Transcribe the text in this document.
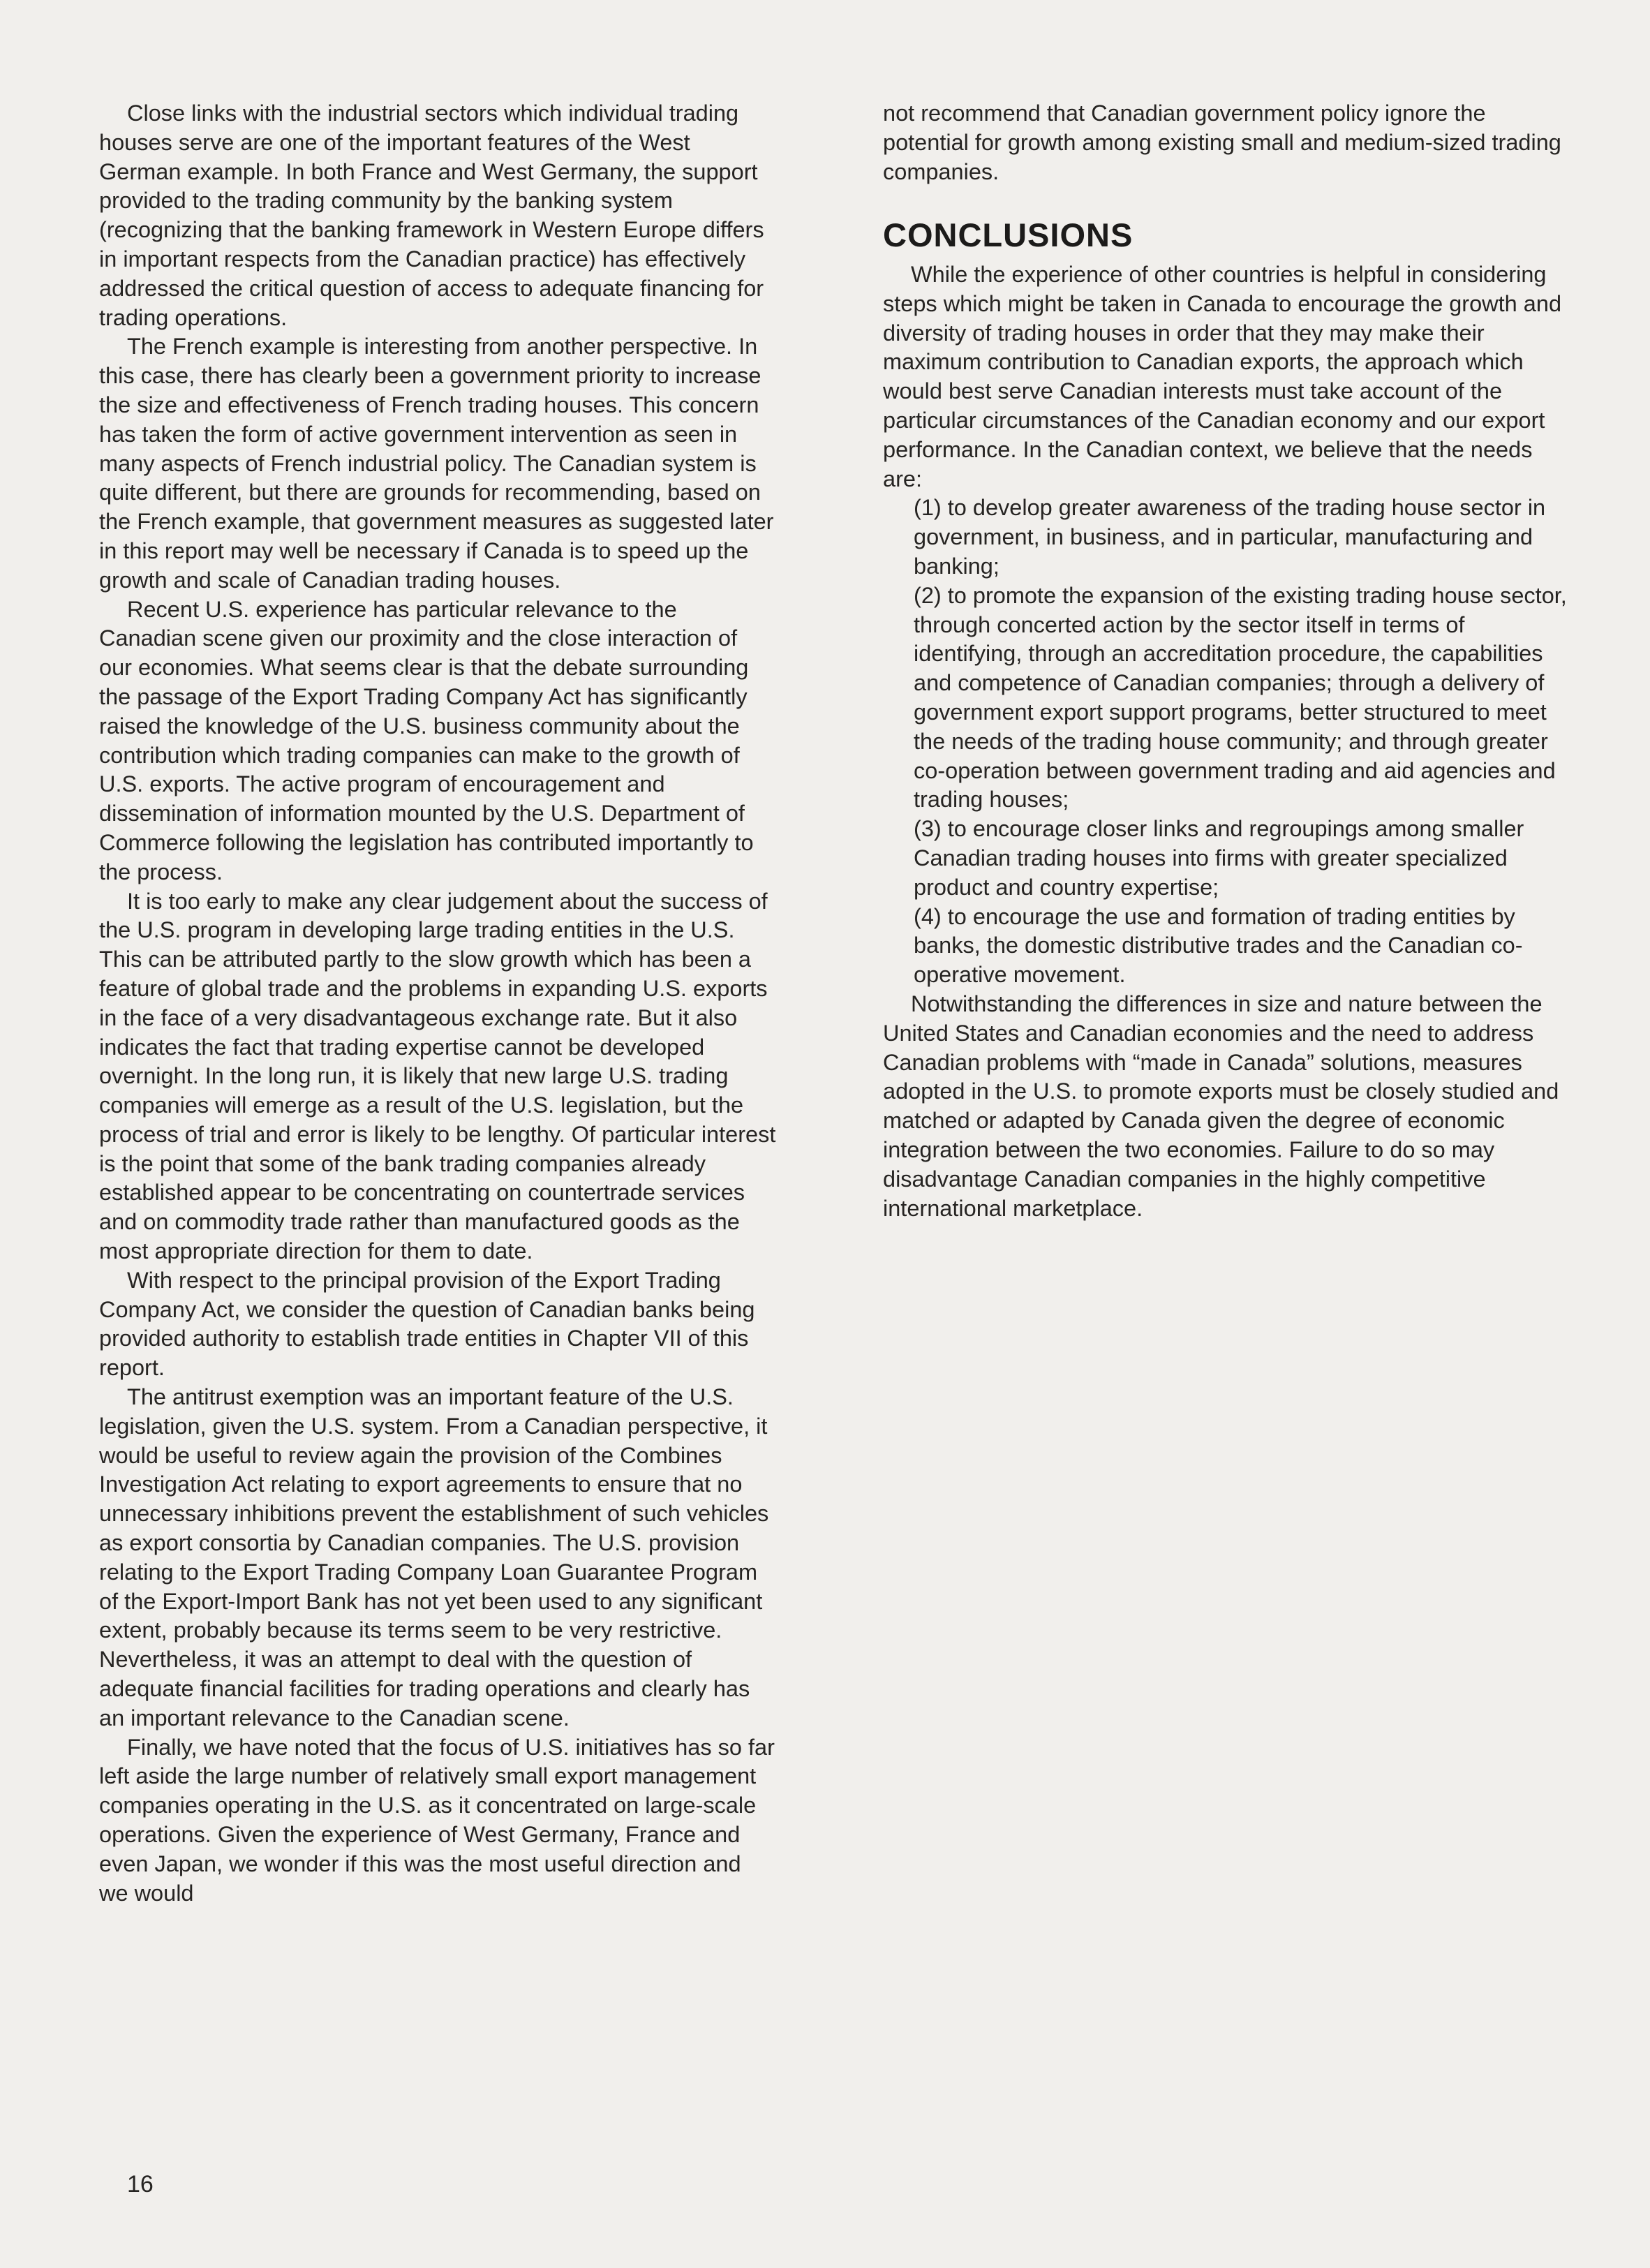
Close links with the industrial sectors which individual trading houses serve are one of the important features of the West German example. In both France and West Germany, the support provided to the trading community by the banking system (recognizing that the banking framework in Western Europe differs in important respects from the Canadian practice) has effectively addressed the critical question of access to adequate financing for trading operations.

The French example is interesting from another perspective. In this case, there has clearly been a government priority to increase the size and effectiveness of French trading houses. This concern has taken the form of active government intervention as seen in many aspects of French industrial policy. The Canadian system is quite different, but there are grounds for recommending, based on the French example, that government measures as suggested later in this report may well be necessary if Canada is to speed up the growth and scale of Canadian trading houses.

Recent U.S. experience has particular relevance to the Canadian scene given our proximity and the close interaction of our economies. What seems clear is that the debate surrounding the passage of the Export Trading Company Act has significantly raised the knowledge of the U.S. business community about the contribution which trading companies can make to the growth of U.S. exports. The active program of encouragement and dissemination of information mounted by the U.S. Department of Commerce following the legislation has contributed importantly to the process.

It is too early to make any clear judgement about the success of the U.S. program in developing large trading entities in the U.S. This can be attributed partly to the slow growth which has been a feature of global trade and the problems in expanding U.S. exports in the face of a very disadvantageous exchange rate. But it also indicates the fact that trading expertise cannot be developed overnight. In the long run, it is likely that new large U.S. trading companies will emerge as a result of the U.S. legislation, but the process of trial and error is likely to be lengthy. Of particular interest is the point that some of the bank trading companies already established appear to be concentrating on countertrade services and on commodity trade rather than manufactured goods as the most appropriate direction for them to date.

With respect to the principal provision of the Export Trading Company Act, we consider the question of Canadian banks being provided authority to establish trade entities in Chapter VII of this report.

The antitrust exemption was an important feature of the U.S. legislation, given the U.S. system. From a Canadian perspective, it would be useful to review again the provision of the Combines Investigation Act relating to export agreements to ensure that no unnecessary inhibitions prevent the establishment of such vehicles as export consortia by Canadian companies. The U.S. provision relating to the Export Trading Company Loan Guarantee Program of the Export-Import Bank has not yet been used to any significant extent, probably because its terms seem to be very restrictive. Nevertheless, it was an attempt to deal with the question of adequate financial facilities for trading operations and clearly has an important relevance to the Canadian scene.

Finally, we have noted that the focus of U.S. initiatives has so far left aside the large number of relatively small export management companies operating in the U.S. as it concentrated on large-scale operations. Given the experience of West Germany, France and even Japan, we wonder if this was the most useful direction and we would

not recommend that Canadian government policy ignore the potential for growth among existing small and medium-sized trading companies.

CONCLUSIONS

While the experience of other countries is helpful in considering steps which might be taken in Canada to encourage the growth and diversity of trading houses in order that they may make their maximum contribution to Canadian exports, the approach which would best serve Canadian interests must take account of the particular circumstances of the Canadian economy and our export performance. In the Canadian context, we believe that the needs are:

(1) to develop greater awareness of the trading house sector in government, in business, and in particular, manufacturing and banking;
(2) to promote the expansion of the existing trading house sector, through concerted action by the sector itself in terms of identifying, through an accreditation procedure, the capabilities and competence of Canadian companies; through a delivery of government export support programs, better structured to meet the needs of the trading house community; and through greater co-operation between government trading and aid agencies and trading houses;
(3) to encourage closer links and regroupings among smaller Canadian trading houses into firms with greater specialized product and country expertise;
(4) to encourage the use and formation of trading entities by banks, the domestic distributive trades and the Canadian co-operative movement.

Notwithstanding the differences in size and nature between the United States and Canadian economies and the need to address Canadian problems with “made in Canada” solutions, measures adopted in the U.S. to promote exports must be closely studied and matched or adapted by Canada given the degree of economic integration between the two economies. Failure to do so may disadvantage Canadian companies in the highly competitive international marketplace.

16
